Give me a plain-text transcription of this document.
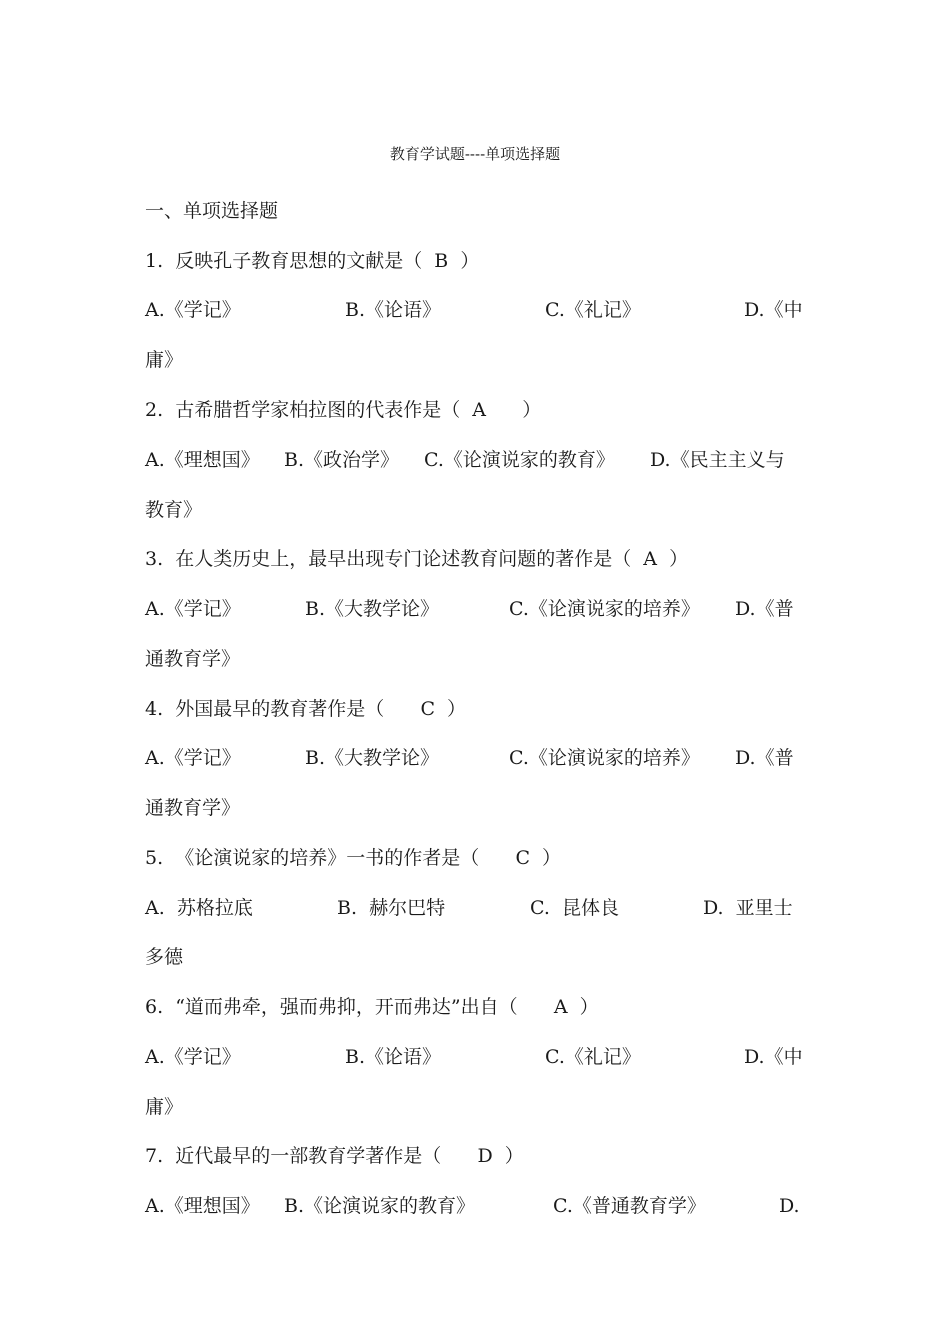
教育学试题----单项选择题
一、单项选择题
1.  反映孔子教育思想的文献是（  B  ）
A.《学记》	B.《论语》	C.《礼记》	D.《中
庸》
2.  古希腊哲学家柏拉图的代表作是（  A      ）
A.《理想国》 B.《政治学》 C.《论演说家的教育》 D.《民主主义与
教育》
3.  在人类历史上，最早出现专门论述教育问题的著作是（  A  ）
A.《学记》	B.《大教学论》	C.《论演说家的培养》 D.《普
通教育学》
4.  外国最早的教育著作是（      C  ）
A.《学记》	B.《大教学论》	C.《论演说家的培养》 D.《普
通教育学》
5.  《论演说家的培养》一书的作者是（      C  ）
A.  苏格拉底	B.  赫尔巴特	C.  昆体良	D.  亚里士
多德
6.  “道而弗牵，强而弗抑，开而弗达”出自（      A  ）
A.《学记》	B.《论语》	C.《礼记》	D.《中
庸》
7.  近代最早的一部教育学著作是（      D  ）
A.《理想国》 B.《论演说家的教育》	C.《普通教育学》	D.
